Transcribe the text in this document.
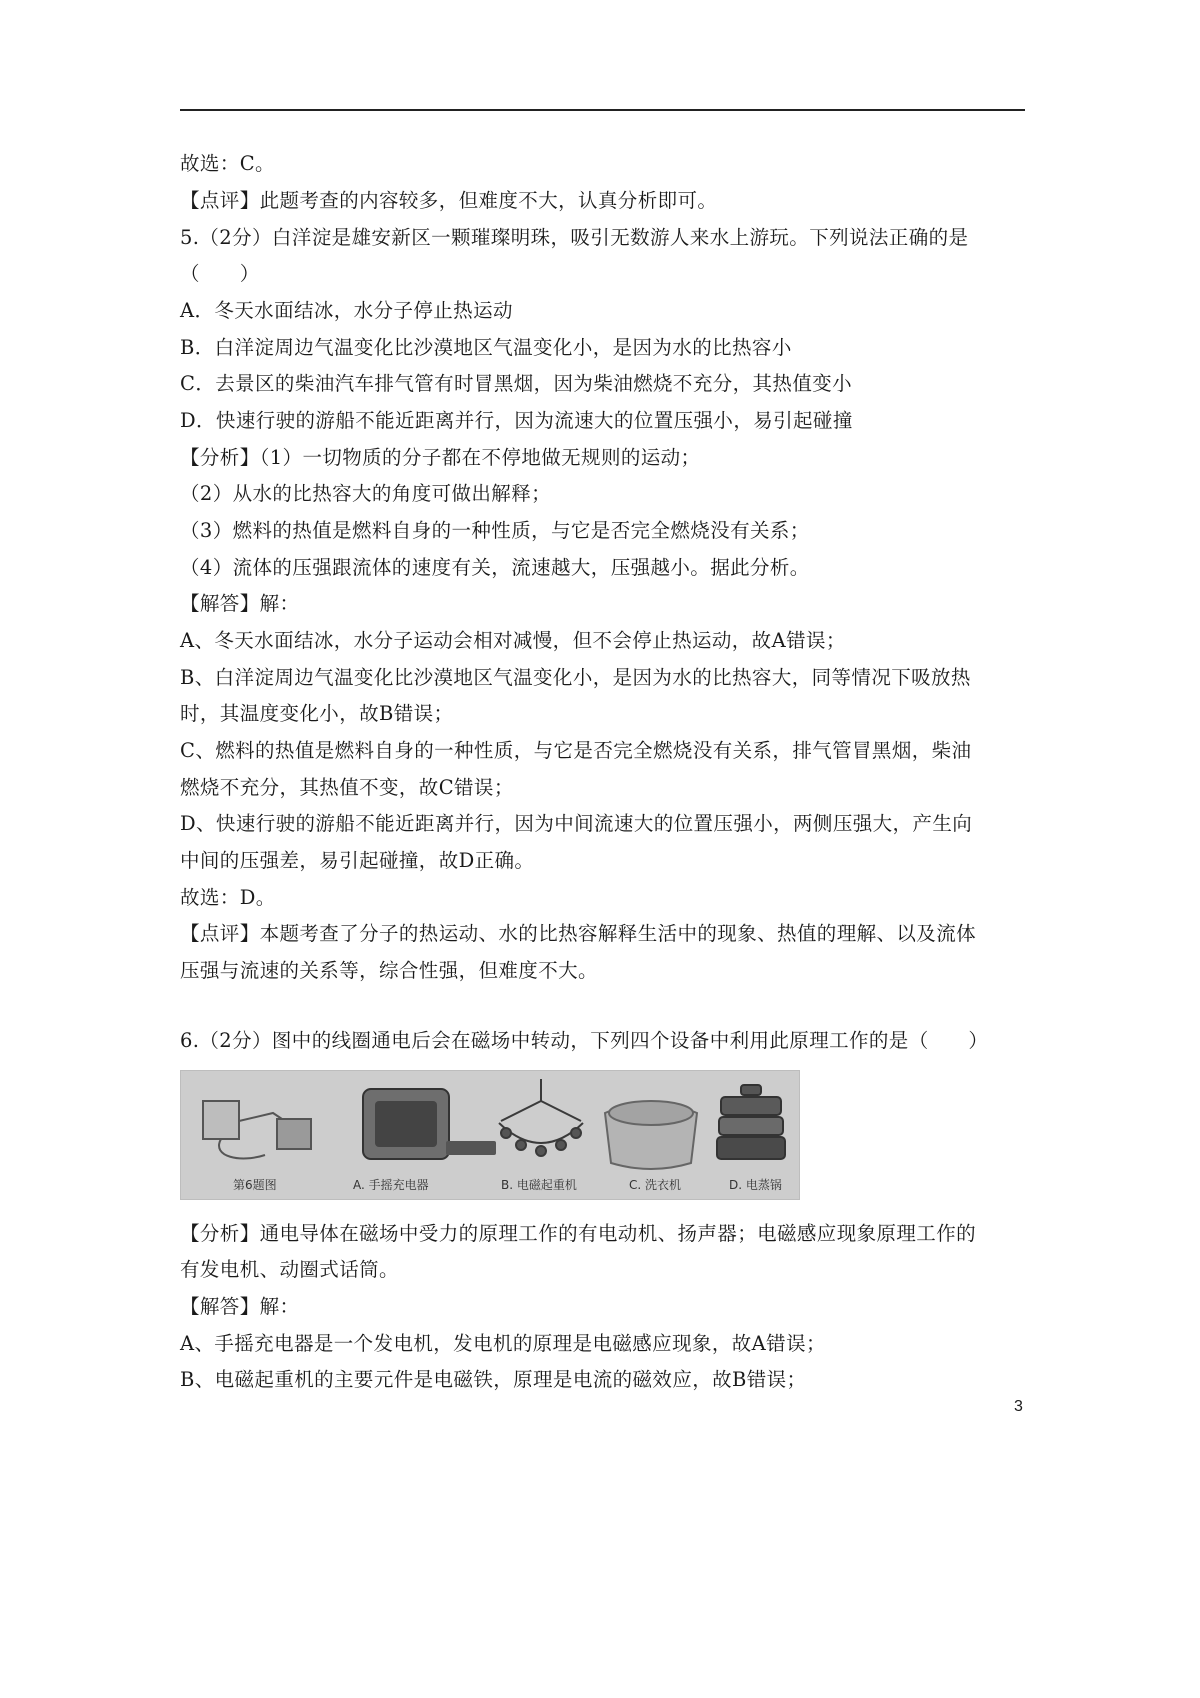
故选：C。
【点评】此题考查的内容较多，但难度不大，认真分析即可。
5.（2分）白洋淀是雄安新区一颗璀璨明珠，吸引无数游人来水上游玩。下列说法正确的是
（　　）
A．冬天水面结冰，水分子停止热运动
B．白洋淀周边气温变化比沙漠地区气温变化小，是因为水的比热容小
C．去景区的柴油汽车排气管有时冒黑烟，因为柴油燃烧不充分，其热值变小
D．快速行驶的游船不能近距离并行，因为流速大的位置压强小，易引起碰撞
【分析】（1）一切物质的分子都在不停地做无规则的运动；
（2）从水的比热容大的角度可做出解释；
（3）燃料的热值是燃料自身的一种性质，与它是否完全燃烧没有关系；
（4）流体的压强跟流体的速度有关，流速越大，压强越小。据此分析。
【解答】解：
A、冬天水面结冰，水分子运动会相对减慢，但不会停止热运动，故A错误；
B、白洋淀周边气温变化比沙漠地区气温变化小，是因为水的比热容大，同等情况下吸放热
时，其温度变化小，故B错误；
C、燃料的热值是燃料自身的一种性质，与它是否完全燃烧没有关系，排气管冒黑烟，柴油
燃烧不充分，其热值不变，故C错误；
D、快速行驶的游船不能近距离并行，因为中间流速大的位置压强小，两侧压强大，产生向
中间的压强差，易引起碰撞，故D正确。
故选：D。
【点评】本题考查了分子的热运动、水的比热容解释生活中的现象、热值的理解、以及流体
压强与流速的关系等，综合性强，但难度不大。
6.（2分）图中的线圈通电后会在磁场中转动，下列四个设备中利用此原理工作的是（　　）
第6题图	A. 手摇充电器	B. 电磁起重机	C. 洗衣机	D. 电蒸锅
【分析】通电导体在磁场中受力的原理工作的有电动机、扬声器；电磁感应现象原理工作的
有发电机、动圈式话筒。
【解答】解：
A、手摇充电器是一个发电机，发电机的原理是电磁感应现象，故A错误；
B、电磁起重机的主要元件是电磁铁，原理是电流的磁效应，故B错误；
3
